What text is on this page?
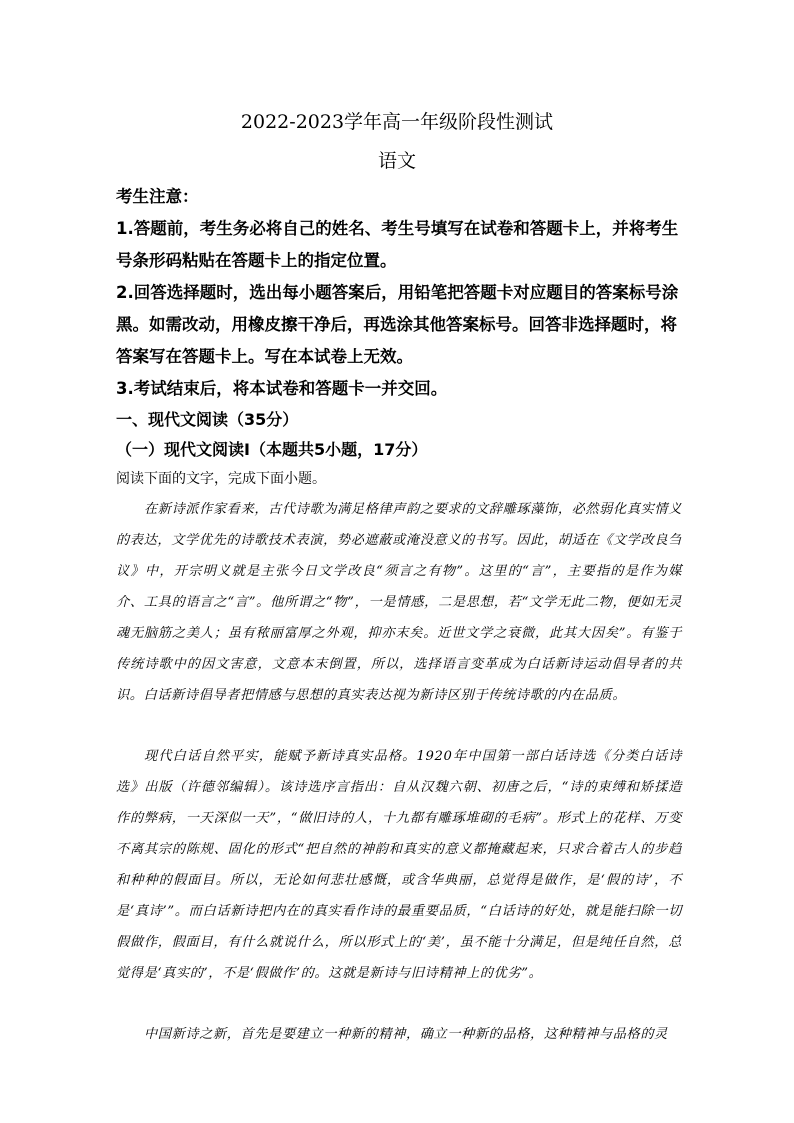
2022-2023学年高一年级阶段性测试
语文

考生注意：

1.答题前，考生务必将自己的姓名、考生号填写在试卷和答题卡上，并将考生号条形码粘贴在答题卡上的指定位置。

2.回答选择题时，选出每小题答案后，用铅笔把答题卡对应题目的答案标号涂黑。如需改动，用橡皮擦干净后，再选涂其他答案标号。回答非选择题时，将答案写在答题卡上。写在本试卷上无效。

3.考试结束后，将本试卷和答题卡一并交回。

一、现代文阅读（35分）
（一）现代文阅读Ⅰ（本题共5小题，17分）
阅读下面的文字，完成下面小题。

在新诗派作家看来，古代诗歌为满足格律声韵之要求的文辞雕琢藻饰，必然弱化真实情义的表达，文学优先的诗歌技术表演，势必遮蔽或淹没意义的书写。因此，胡适在《文学改良刍议》中，开宗明义就是主张今日文学改良“须言之有物”。这里的“言”，主要指的是作为媒介、工具的语言之“言”。他所谓之“物”，一是情感，二是思想，若“文学无此二物，便如无灵魂无脑筋之美人；虽有秾丽富厚之外观，抑亦末矣。近世文学之衰微，此其大因矣”。有鉴于传统诗歌中的因文害意，文意本末倒置，所以，选择语言变革成为白话新诗运动倡导者的共识。白话新诗倡导者把情感与思想的真实表达视为新诗区别于传统诗歌的内在品质。

现代白话自然平实，能赋予新诗真实品格。1920年中国第一部白话诗选《分类白话诗选》出版（许德邻编辑）。该诗选序言指出：自从汉魏六朝、初唐之后，“诗的束缚和矫揉造作的弊病，一天深似一天”，“做旧诗的人，十九都有雕琢堆砌的毛病”。形式上的花样、万变不离其宗的陈规、固化的形式“把自然的神韵和真实的意义都掩藏起来，只求合着古人的步趋和种种的假面目。所以，无论如何悲壮感慨，或含华典丽，总觉得是做作，是‘假的诗’，不是‘真诗’”。而白话新诗把内在的真实看作诗的最重要品质，“白话诗的好处，就是能扫除一切假做作，假面目，有什么就说什么，所以形式上的‘美’，虽不能十分满足，但是纯任自然，总觉得是‘真实的’，不是‘假做作’的。这就是新诗与旧诗精神上的优劣”。

中国新诗之新，首先是要建立一种新的精神，确立一种新的品格，这种精神与品格的灵
